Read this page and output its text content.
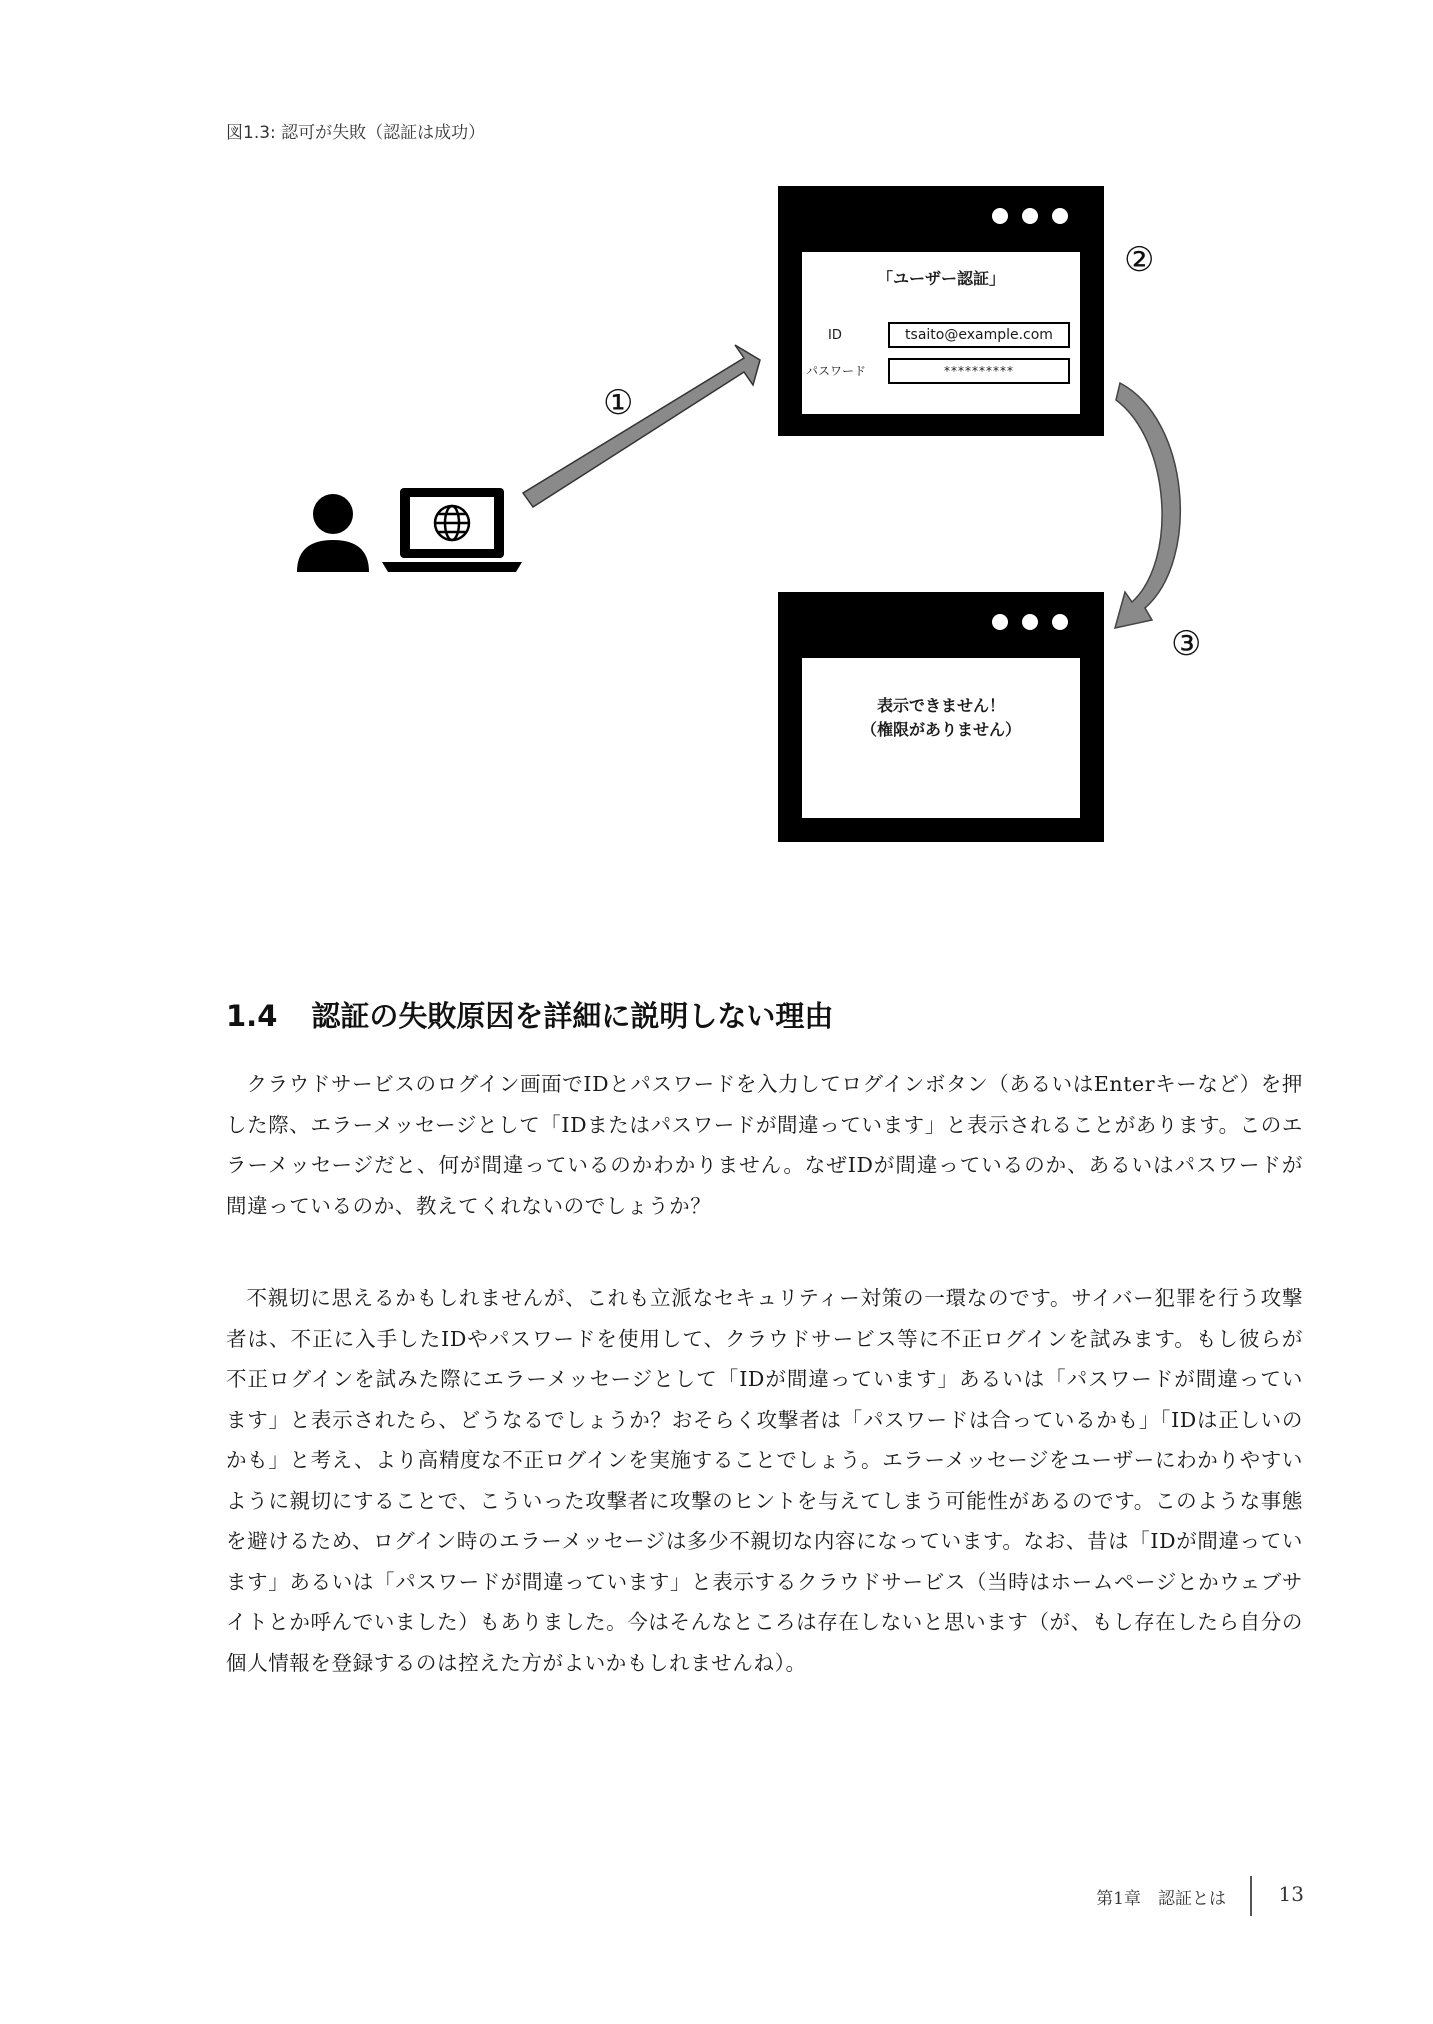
図1.3: 認可が失敗（認証は成功）
「ユーザー認証」
ID	tsaito@example.com
パスワード	**********
表示できません！
（権限がありません）
①
②
③
1.4 認証の失敗原因を詳細に説明しない理由

クラウドサービスのログイン画面でIDとパスワードを入力してログインボタン（あるいはEnterキーなど）を押した際、エラーメッセージとして「IDまたはパスワードが間違っています」と表示されることがあります。このエラーメッセージだと、何が間違っているのかわかりません。なぜIDが間違っているのか、あるいはパスワードが間違っているのか、教えてくれないのでしょうか？

不親切に思えるかもしれませんが、これも立派なセキュリティー対策の一環なのです。サイバー犯罪を行う攻撃者は、不正に入手したIDやパスワードを使用して、クラウドサービス等に不正ログインを試みます。もし彼らが不正ログインを試みた際にエラーメッセージとして「IDが間違っています」あるいは「パスワードが間違っています」と表示されたら、どうなるでしょうか？おそらく攻撃者は「パスワードは合っているかも」「IDは正しいのかも」と考え、より高精度な不正ログインを実施することでしょう。エラーメッセージをユーザーにわかりやすいように親切にすることで、こういった攻撃者に攻撃のヒントを与えてしまう可能性があるのです。このような事態を避けるため、ログイン時のエラーメッセージは多少不親切な内容になっています。なお、昔は「IDが間違っています」あるいは「パスワードが間違っています」と表示するクラウドサービス（当時はホームページとかウェブサイトとか呼んでいました）もありました。今はそんなところは存在しないと思います（が、もし存在したら自分の個人情報を登録するのは控えた方がよいかもしれませんね）。

第1章　認証とは	13
